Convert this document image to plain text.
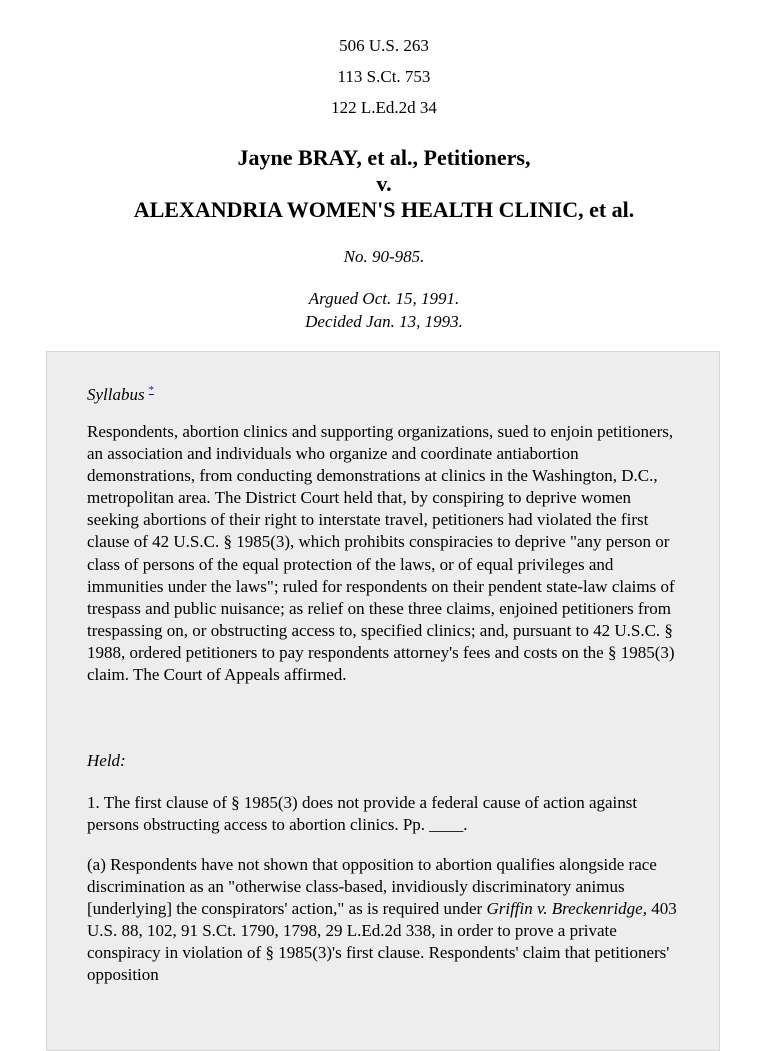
506 U.S. 263
113 S.Ct. 753
122 L.Ed.2d 34
Jayne BRAY, et al., Petitioners,
v.
ALEXANDRIA WOMEN'S HEALTH CLINIC, et al.
No. 90-985.
Argued Oct. 15, 1991.
Decided Jan. 13, 1993.
Syllabus *
Respondents, abortion clinics and supporting organizations, sued to enjoin petitioners, an association and individuals who organize and coordinate antiabortion demonstrations, from conducting demonstrations at clinics in the Washington, D.C., metropolitan area. The District Court held that, by conspiring to deprive women seeking abortions of their right to interstate travel, petitioners had violated the first clause of 42 U.S.C. § 1985(3), which prohibits conspiracies to deprive "any person or class of persons of the equal protection of the laws, or of equal privileges and immunities under the laws"; ruled for respondents on their pendent state-law claims of trespass and public nuisance; as relief on these three claims, enjoined petitioners from trespassing on, or obstructing access to, specified clinics; and, pursuant to 42 U.S.C. § 1988, ordered petitioners to pay respondents attorney's fees and costs on the § 1985(3) claim. The Court of Appeals affirmed.
Held:
1. The first clause of § 1985(3) does not provide a federal cause of action against persons obstructing access to abortion clinics. Pp. ____.
(a) Respondents have not shown that opposition to abortion qualifies alongside race discrimination as an "otherwise class-based, invidiously discriminatory animus [underlying] the conspirators' action," as is required under Griffin v. Breckenridge, 403 U.S. 88, 102, 91 S.Ct. 1790, 1798, 29 L.Ed.2d 338, in order to prove a private conspiracy in violation of § 1985(3)'s first clause. Respondents' claim that petitioners' opposition
